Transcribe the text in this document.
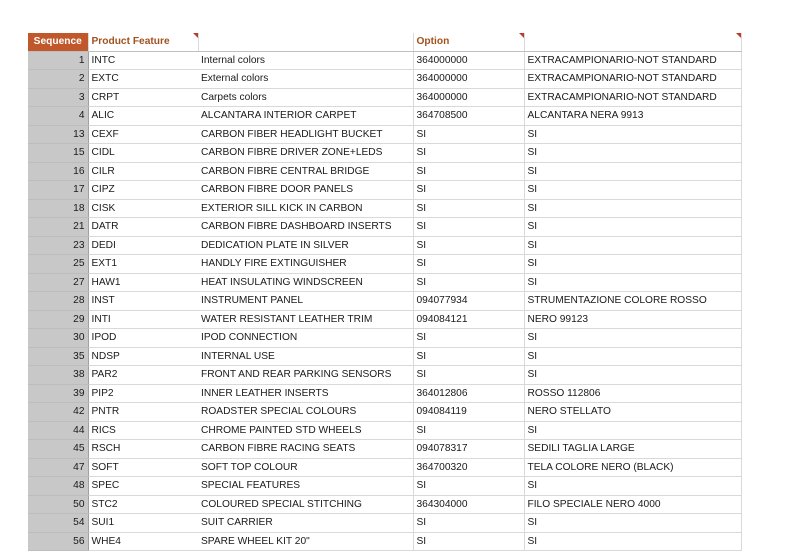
Sequence	Product Feature		Option

1	INTC	Internal colors	364000000	EXTRACAMPIONARIO-NOT STANDARD
2	EXTC	External colors	364000000	EXTRACAMPIONARIO-NOT STANDARD
3	CRPT	Carpets colors	364000000	EXTRACAMPIONARIO-NOT STANDARD
4	ALIC	ALCANTARA INTERIOR CARPET	364708500	ALCANTARA NERA 9913
13	CEXF	CARBON FIBER HEADLIGHT BUCKET	SI	SI
15	CIDL	CARBON FIBRE DRIVER ZONE+LEDS	SI	SI
16	CILR	CARBON FIBRE CENTRAL BRIDGE	SI	SI
17	CIPZ	CARBON FIBRE DOOR PANELS	SI	SI
18	CISK	EXTERIOR SILL KICK IN CARBON	SI	SI
21	DATR	CARBON FIBRE DASHBOARD INSERTS	SI	SI
23	DEDI	DEDICATION PLATE IN SILVER	SI	SI
25	EXT1	HANDLY FIRE EXTINGUISHER	SI	SI
27	HAW1	HEAT INSULATING WINDSCREEN	SI	SI
28	INST	INSTRUMENT PANEL	094077934	STRUMENTAZIONE COLORE ROSSO
29	INTI	WATER RESISTANT LEATHER TRIM	094084121	NERO 99123
30	IPOD	IPOD CONNECTION	SI	SI
35	NDSP	INTERNAL USE	SI	SI
38	PAR2	FRONT AND REAR PARKING SENSORS	SI	SI
39	PIP2	INNER LEATHER INSERTS	364012806	ROSSO 112806
42	PNTR	ROADSTER SPECIAL COLOURS	094084119	NERO STELLATO
44	RICS	CHROME PAINTED STD WHEELS	SI	SI
45	RSCH	CARBON FIBRE RACING SEATS	094078317	SEDILI TAGLIA LARGE
47	SOFT	SOFT TOP COLOUR	364700320	TELA COLORE NERO (BLACK)
48	SPEC	SPECIAL FEATURES	SI	SI
50	STC2	COLOURED SPECIAL STITCHING	364304000	FILO SPECIALE NERO 4000
54	SUI1	SUIT CARRIER	SI	SI
56	WHE4	SPARE WHEEL KIT 20"	SI	SI
